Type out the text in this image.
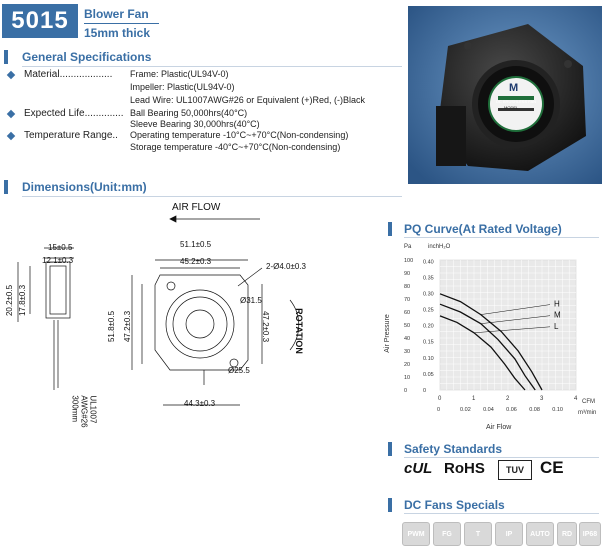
5015	Blower Fan
15mm thick
General Specifications
Material................... Frame: Plastic(UL94V-0)
Impeller: Plastic(UL94V-0)
Lead Wire: UL1007AWG#26 or Equivalent (+)Red, (-)Black
Expected Life.............. Ball Bearing 50,000hrs(40°C)
Sleeve Bearing 30,000hrs(40°C)
Temperature Range.. Operating temperature -10°C~+70°C(Non-condensing)
Storage temperature -40°C~+70°C(Non-condensing)
M
DC BRUSHLESS FAN
MODEL
Dimensions(Unit:mm)
AIR FLOW
15±0.5
12.1±0.3
20.2±0.5 17.8±0.3
UL1007
AWG#26
300mm
51.1±0.5
45.2±0.3
2-Ø4.0±0.3
Ø31.5
51.8±0.5 47.2±0.3	47.2±0.3	ROTATION
Ø25.5
44.3±0.3
PQ Curve(At Rated Voltage)
0
10
20
30
40
50
60
70
80
90
100
0
0.05
0.10
0.15
0.20
0.25
0.30
0.35
0.40
0	1	2	3	4
0	0.02 0.04 0.06 0.08 0.10
H
M
L
Pa	inchH₂O
Air Pressure
Air Flow
CFM
m³/min
Safety Standards
cUL RoHS	TUV CE
DC Fans Specials
PWM	FG	T	IP	AUTO	RD	IP68
